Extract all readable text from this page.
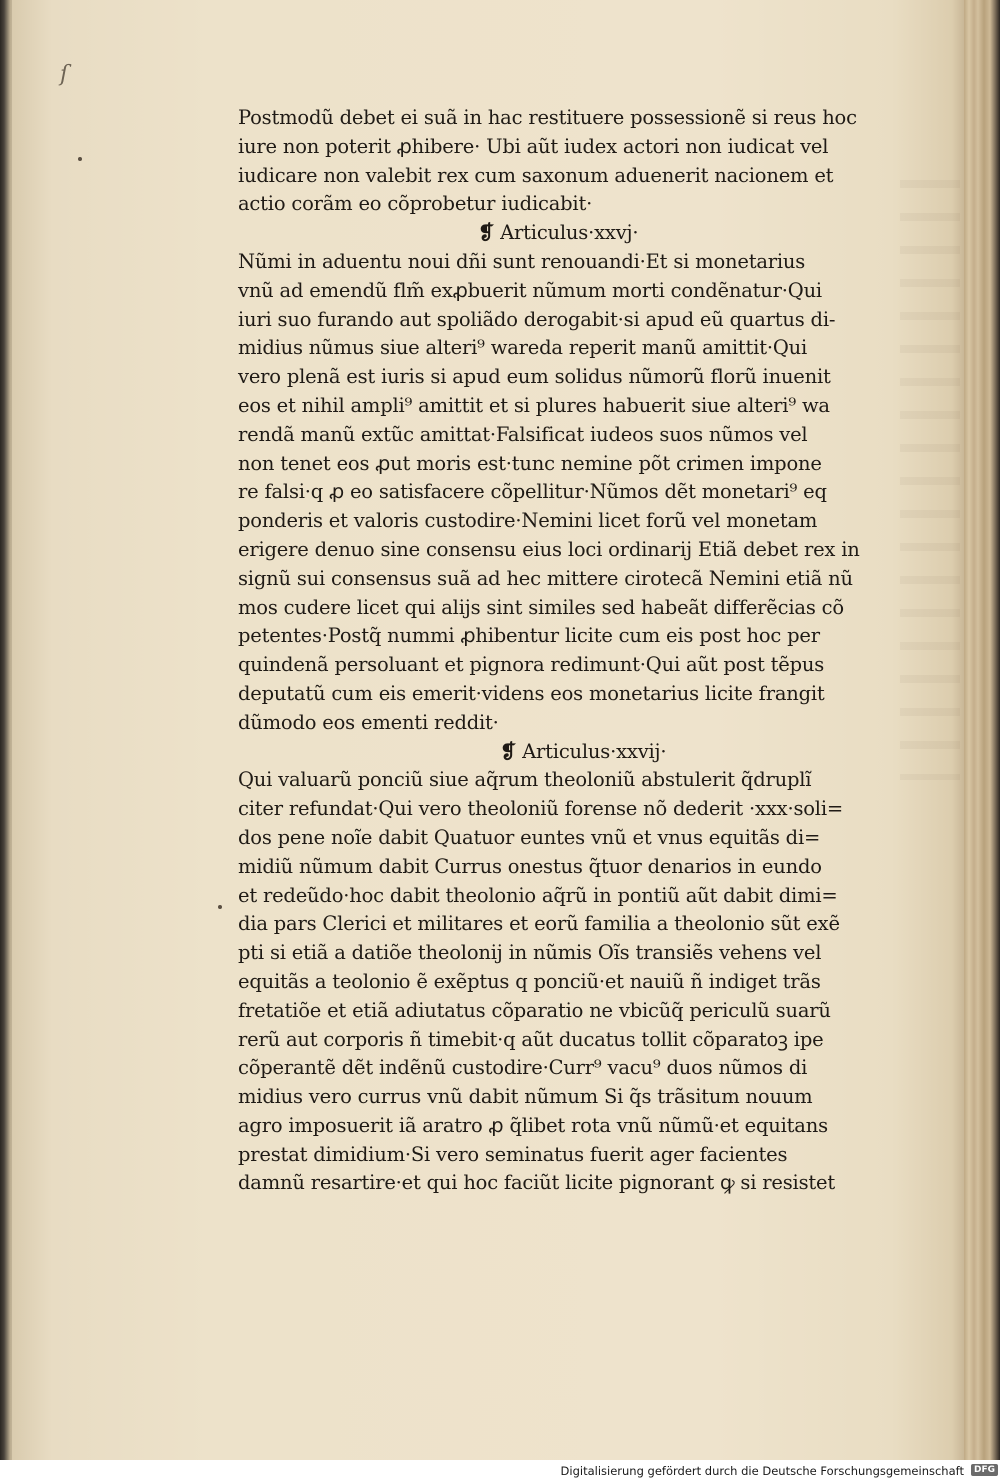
ſ
Postmodũ debet ei suã in hac restituere possessionẽ si reus hoc
iure non poterit ꝓhibere· Ubi aũt iudex actori non iudicat vel
iudicare non valebit rex cum saxonum aduenerit nacionem et
actio corãm eo cõprobetur iudicabit·
❡ Articulus·xxvj·
Nũmi in aduentu noui dñi sunt renouandi·Et si monetarius
vnũ ad emendũ flm̃ exꝓbuerit nũmum morti condẽnatur·Qui
iuri suo furando aut spoliãdo derogabit·si apud eũ quartus di-
midius nũmus siue alteri⁹ wareda reperit manũ amittit·Qui
vero plenã est iuris si apud eum solidus nũmorũ florũ inuenit
eos et nihil ampli⁹ amittit et si plures habuerit siue alteri⁹ wa
rendã manũ extũc amittat·Falsificat iudeos suos nũmos vel
non tenet eos ꝓut moris est·tunc nemine põt crimen impone
re falsi·q ꝓ eo satisfacere cõpellitur·Nũmos dẽt monetari⁹ eq
ponderis et valoris custodire·Nemini licet forũ vel monetam
erigere denuo sine consensu eius loci ordinarij Etiã debet rex in
signũ sui consensus suã ad hec mittere cirotecã Nemini etiã nũ
mos cudere licet qui alijs sint similes sed habeãt differẽcias cõ
petentes·Postq̃ nummi ꝓhibentur licite cum eis post hoc per
quindenã persoluant et pignora redimunt·Qui aũt post tẽpus
deputatũ cum eis emerit·videns eos monetarius licite frangit
dũmodo eos ementi reddit·
❡ Articulus·xxvij·
Qui valuarũ ponciũ siue aq̃rum theoloniũ abstulerit q̃druplĩ
citer refundat·Qui vero theoloniũ forense nõ dederit ·xxx·soli=
dos pene noĩe dabit Quatuor euntes vnũ et vnus equitãs di=
midiũ nũmum dabit Currus onestus q̃tuor denarios in eundo
et redeũdo·hoc dabit theolonio aq̃rũ in pontiũ aũt dabit dimi=
dia pars Clerici et militares et eorũ familia a theolonio sũt exẽ
pti si etiã a datiõe theolonij in nũmis Oĩs transiẽs vehens vel
equitãs a teolonio ẽ exẽptus q ponciũ·et nauiũ ñ indiget trãs
fretatiõe et etiã adiutatus cõparatio ne vbicũq̃ periculũ suarũ
rerũ aut corporis ñ timebit·q aũt ducatus tollit cõparatoꝫ ipe
cõperantẽ dẽt indẽnũ custodire·Curr⁹ vacu⁹ duos nũmos di
midius vero currus vnũ dabit nũmum Si q̃s trãsitum nouum
agro imposuerit iã aratro ꝓ q̃libet rota vnũ nũmũ·et equitans
prestat dimidium·Si vero seminatus fuerit ager facientes
damnũ resartire·et qui hoc faciũt licite pignorant ꝙ si resistet
Digitalisierung gefördert durch die Deutsche Forschungsgemeinschaft	DFG
